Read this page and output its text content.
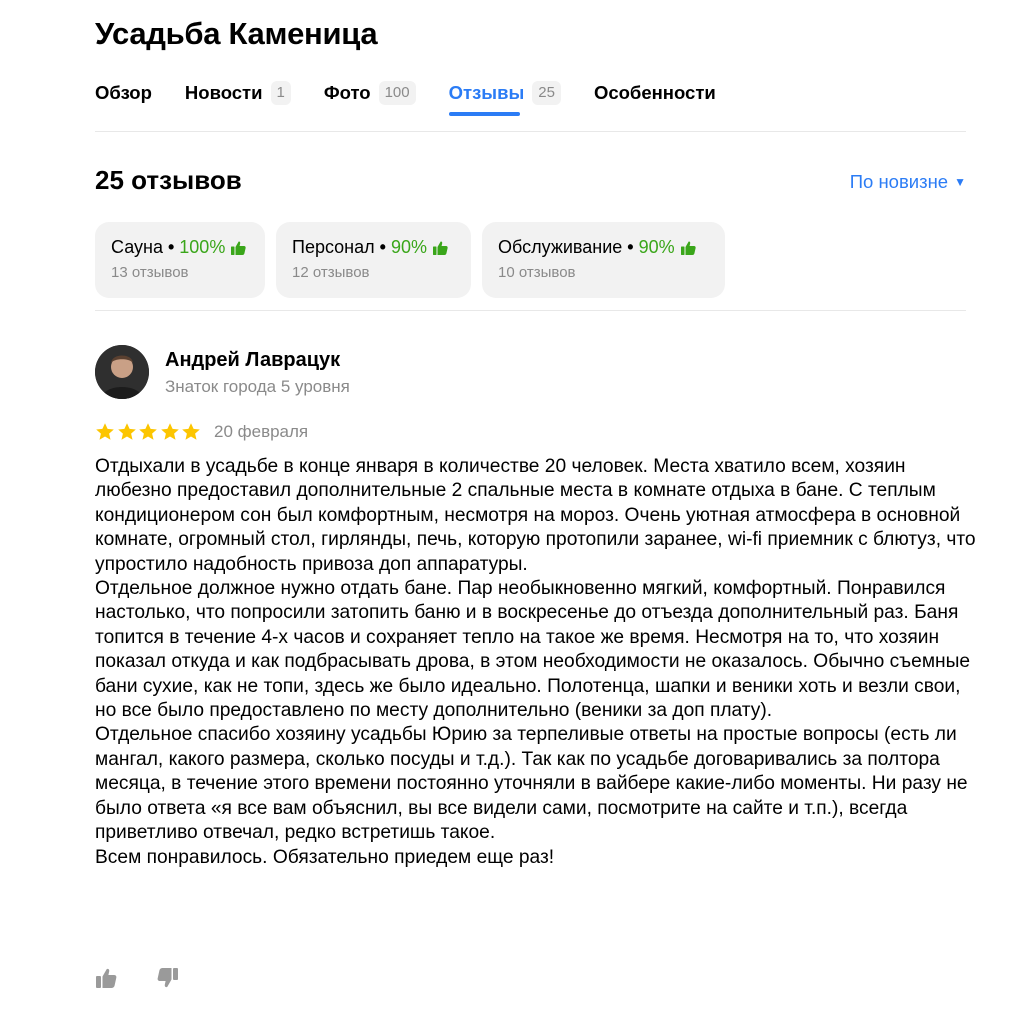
Усадьба Каменица
Обзор Новости 1	Фото 100	Отзывы 25	Особенности
25 отзывов	По новизне ▼
Сауна • 100%
13 отзывов
Персонал • 90%
12 отзывов
Обслуживание • 90%
10 отзывов
Андрей Лаврацук
Знаток города 5 уровня
20 февраля

Отдыхали в усадьбе в конце января в количестве 20 человек. Места хватило всем, хозяин любезно предоставил дополнительные 2 спальные места в комнате отдыха в бане. С теплым кондиционером сон был комфортным, несмотря на мороз. Очень уютная атмосфера в основной комнате, огромный стол, гирлянды, печь, которую протопили заранее, wi-fi приемник с блютуз, что упростило надобность привоза доп аппаратуры.

Отдельное должное нужно отдать бане. Пар необыкновенно мягкий, комфортный. Понравился настолько, что попросили затопить баню и в воскресенье до отъезда дополнительный раз. Баня топится в течение 4-х часов и сохраняет тепло на такое же время. Несмотря на то, что хозяин показал откуда и как подбрасывать дрова, в этом необходимости не оказалось. Обычно съемные бани сухие, как не топи, здесь же было идеально. Полотенца, шапки и веники хоть и везли свои, но все было предоставлено по месту дополнительно (веники за доп плату).

Отдельное спасибо хозяину усадьбы Юрию за терпеливые ответы на простые вопросы (есть ли мангал, какого размера, сколько посуды и т.д.). Так как по усадьбе договаривались за полтора месяца, в течение этого времени постоянно уточняли в вайбере какие-либо моменты. Ни разу не было ответа «я все вам объяснил, вы все видели сами, посмотрите на сайте и т.п.), всегда приветливо отвечал, редко встретишь такое.

Всем понравилось. Обязательно приедем еще раз!
